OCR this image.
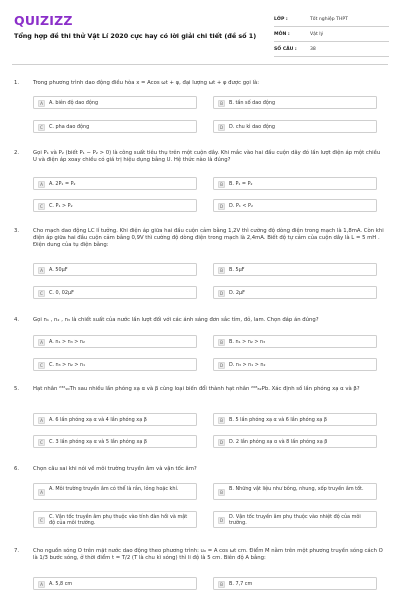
QUIZIZZ
Tổng hợp đề thi thử Vật Lí 2020 cực hay có lời giải chi tiết (đề số 1)
LỚP :	Tốt nghiệp THPT
MÔN :	Vật lý
SỐ CÂU :	38
1.	Trong phương trình dao động điều hòa x = Acos ωt + φ, đại lượng ωt + φ được gọi là:
A	A. biên độ dao động	B	B. tần số dao động
C	C. pha dao động	D	D. chu kì dao động
2.	Gọi P₁ và P₂ (biết P₁ − P₂ > 0) là công suất tiêu thụ trên một cuộn dây. Khi mắc vào hai đầu cuộn dây đó lần lượt điện áp một chiều U và điện áp xoay chiều có giá trị hiệu dụng bằng U. Hệ thức nào là đúng?
A	A. 2P₁ = P₂	B	B. P₁ = P₂
C	C. P₁ > P₂	D	D. P₁ < P₂
3.	Cho mạch dao động LC lí tưởng. Khi điện áp giữa hai đầu cuộn cảm bằng 1,2V thì cường độ dòng điện trong mạch là 1,8mA. Còn khi điện áp giữa hai đầu cuộn cảm bằng 0,9V thì cường độ dòng điện trong mạch là 2,4mA. Biết độ tự cảm của cuộn dây là L = 5 mH . Điện dung của tụ điện bằng:
A	A. 50μF	B	B. 5μF
C	C. 0, 02μF	D	D. 2μF
4.	Gọi n₁ , n₂ , n₃ là chiết suất của nước lần lượt đối với các ánh sáng đơn sắc tím, đỏ, lam. Chọn đáp án đúng?
A	A. n₁ > n₃ > n₂	B	B. n₁ > n₂ > n₃
C	C. n₃ > n₂ > n₁	D	D. n₃ > n₁ > n₂
5.	Hạt nhân ²³²₉₀Th sau nhiều lần phóng xạ α và β cùng loại biến đổi thành hạt nhân ²⁰⁸₈₂Pb. Xác định số lần phóng xạ α và β?
A	A. 6 lần phóng xạ α và 4 lần phóng xạ β	B	B. 5 lần phóng xạ α và 6 lần phóng xạ β
C	C. 3 lần phóng xạ α và 5 lần phóng xạ β	D	D. 2 lần phóng xạ α và 8 lần phóng xạ β
6.	Chọn câu sai khi nói về môi trường truyền âm và vận tốc âm?
A	A. Môi trường truyền âm có thể là rắn, lỏng hoặc khí.	B	B. Những vật liệu như bông, nhung, xốp truyền âm tốt.
C	C. Vận tốc truyền âm phụ thuộc vào tính đàn hồi và mật độ của môi trường.
D	D. Vận tốc truyền âm phụ thuộc vào nhiệt độ của môi trường.
7.	Cho nguồn sóng O trên mặt nước dao động theo phương trình: u₀ = A cos ωt cm. Điểm M nằm trên một phương truyền sóng cách O là 1/3 bước sóng, ở thời điểm t = T/2 (T là chu kì sóng) thì li độ là 5 cm. Biên độ A bằng:
A	A. 5,8 cm	B	B. 7,7 cm
